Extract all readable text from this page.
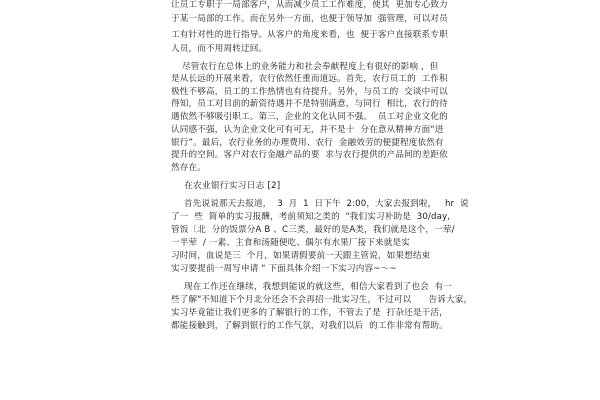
让员工专职于一局部客户，从而减少员工工作难度，使其  更加专心致力
于某一局部的工作。而在另外一方面，也便于领导加  强管理，可以对员
工有针对性的进行指导。从客户的角度来看，也  便于客户直接联系专职
人员，而不用周转迂回。
尽管农行在总体上的业务能力和社会奉献程度上有很好的影响 ，但
是从长远的开展来看，农行依然任重而道远。首先，农行员工的  工作积
极性不够高，员工的工作热情也有待提升。另外，与员工的  交谈中可以
得知，员工对目前的薪资待遇并不是特别满意，与同行  相比，农行的待
遇依然不够吸引职工。第三，企业的文化认同不强。  员工对企业文化的
认同感不强，认为企业文化可有可无，并不是十  分在意从精神方面“进
银行”。最后，农行业务的办理费用、农行  金融效劳的便捷程度依然有
提升的空间。客户对农行金融产品的要  求与农行提供的产品间的差距依
然存在。
在农业银行实习日志 [2]
首先说说那天去报道，  3  月  1  日下午  2:00，大家去报到啦，   hr  说
了一  些  简单的实习报酬，考前须知之类的  "我们实习补助是  30/day,
管饭〔北  分的饭票分A B 、C三类，最好的是A类，我们就是这个，一荤/
一半荤  / 一素、主食和汤随便吃、偶尔有水果厂接下来就是实
习时间，血说是三  个月，如果请假要前一天跟主管说，如果想结束
实习要提前一周写申请 " 下面具体介绍一下实习内容~〜~
现在工作还在继续，我想到能说的就这些，相信大家看到了也会  有一
些了解"不知道下个月北分还会不会再招一批实习生，不过可以      告诉大家，
实习毕竟能让我们更多的了解银行的工作，不管去了是  打杂还是干活，
都能接触到，了解到银行的工作气氛，对我们以后  的工作非常有帮助。
